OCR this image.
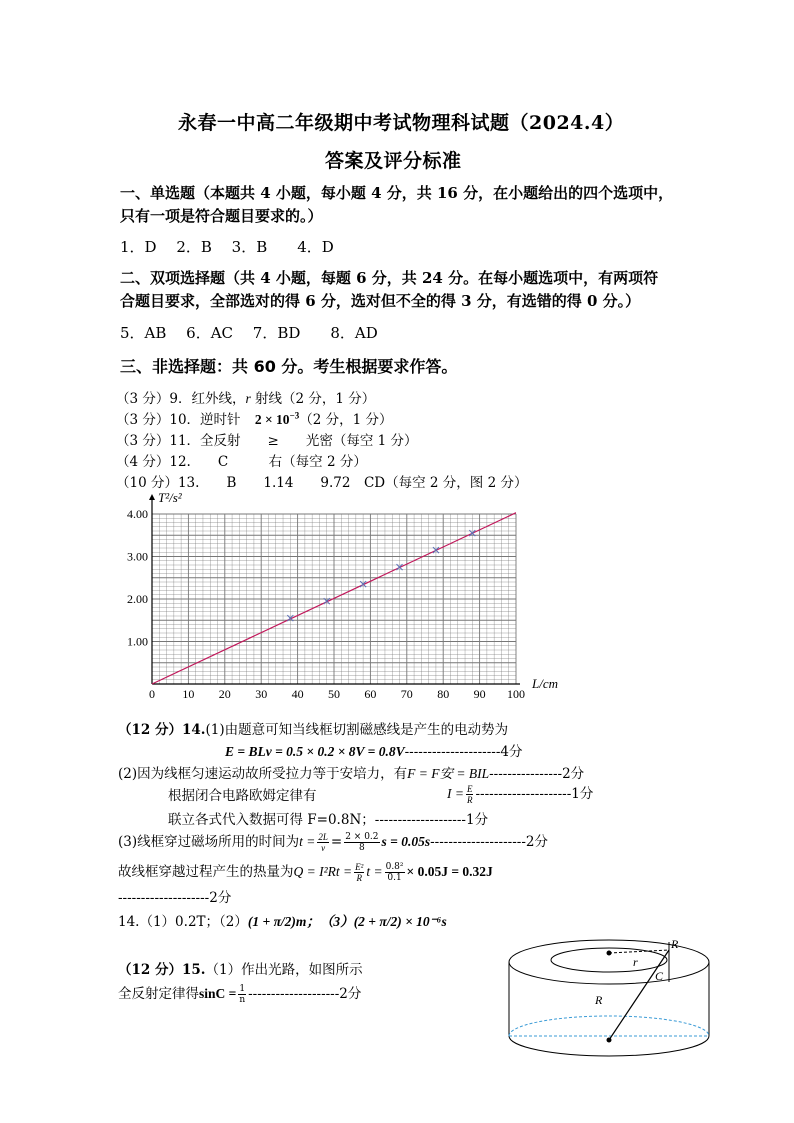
永春一中高二年级期中考试物理科试题（2024.4）
答案及评分标准
一、单选题（本题共 4 小题，每小题 4 分，共 16 分，在小题给出的四个选项中，
只有一项是符合题目要求的。）
1．D　 2．B　 3．B　　4．D
二、双项选择题（共 4 小题，每题 6 分，共 24 分。在每小题选项中，有两项符
合题目要求，全部选对的得 6 分，选对但不全的得 3 分，有选错的得 0 分。）
5．AB　 6．AC　 7．BD　　8．AD
三、非选择题：共 60 分。考生根据要求作答。
（3 分）9．红外线，r 射线（2 分，1 分）
（3 分）10．逆时针 $2 \times 10^{-3}(2$ 分，1 分）
（3 分）11．全反射　　≥　　光密（每空 1 分）
（4 分）12.　　C　　　右（每空 2 分）
（10 分）13.　　B　　1.14　　9.72　CD（每空 2 分，图 2 分）
0 10 20 30 40 50 60 70 80 90 100
1.00
2.00
3.00
4.00
L/cm
T²/s²
（12 分）14.(1)由题意可知当线框切割磁感线是产生的电动势为
E = BLv = 0.5 × 0.2 × 8V = 0.8V---------------------4分
(2)因为线框匀速运动故所受拉力等于安培力，有F = F安 = BIL----------------2分
根据闭合电路欧姆定律有	$I = \frac{E}{R} ---------------------1$分
联立各式代入数据可得 F=0.8N；--------------------1分
(3)线框穿过磁场所用的时间为$t = \frac{2L}{v} = \frac{2 \times 0.2}{8}$ s = 0.05s---------------------2分
故线框穿越过程产生的热量为$Q = I^2Rt = \frac{\text{E²}}{R}$ $t = \frac{\text{0.8²}}{0.1} \times 0.05J = 0.32J$
--------------------2分
14.（1）0.2T；（2）(1 + π/2)m；（3）(2 + π/2) × 10⁻⁶s
（12 分）15.（1）作出光路，如图所示
全反射定律得$\sin C = \frac{1}{n} --------------------2$分
R
r
C
R
